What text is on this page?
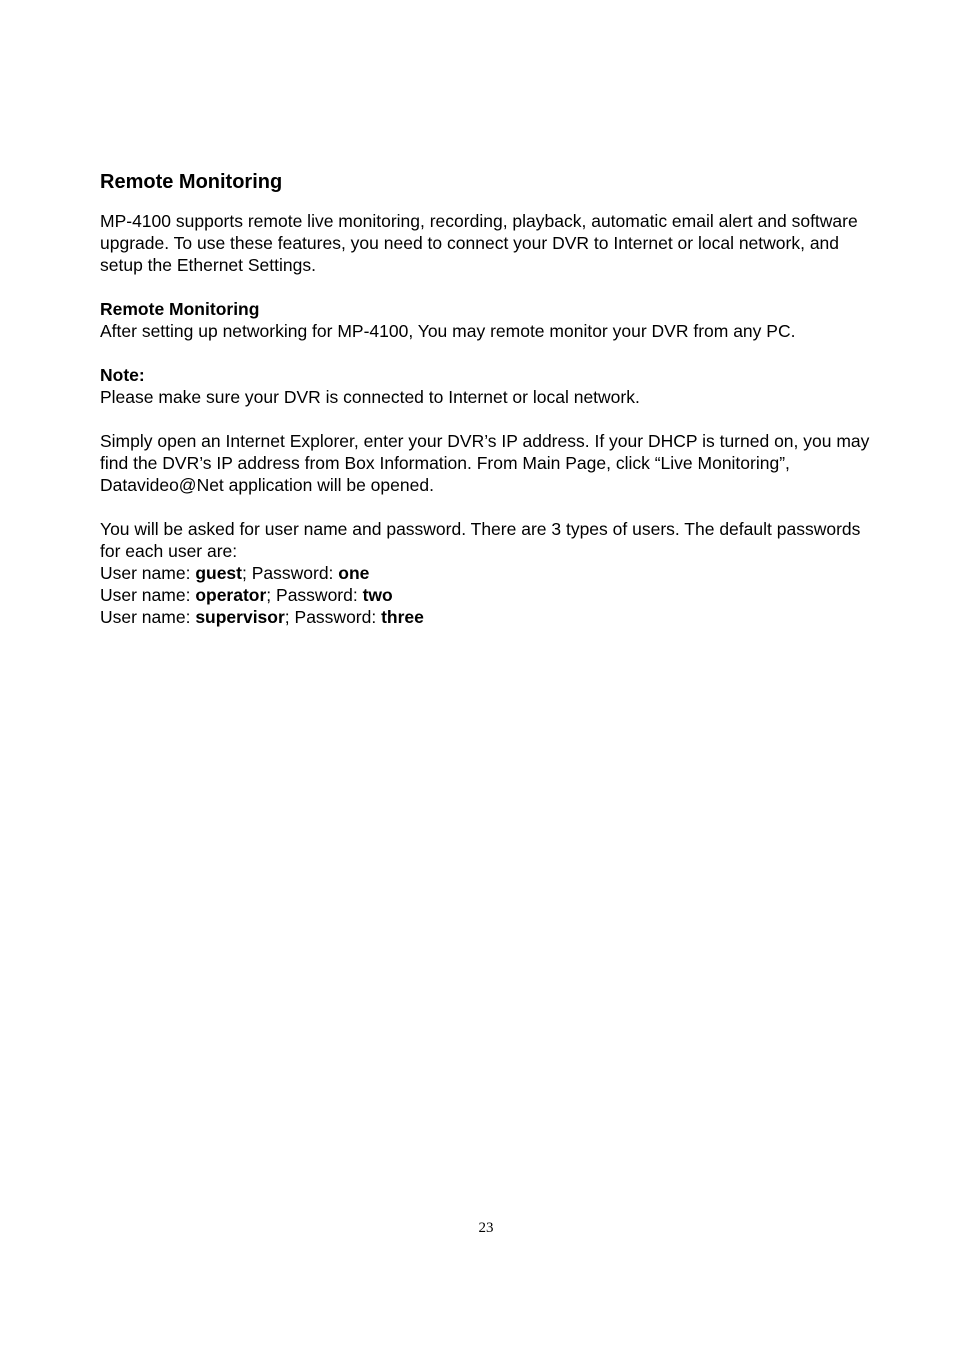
Remote Monitoring

MP-4100 supports remote live monitoring, recording, playback, automatic email alert and software upgrade. To use these features, you need to connect your DVR to Internet or local network, and setup the Ethernet Settings.

Remote Monitoring

After setting up networking for MP-4100, You may remote monitor your DVR from any PC.

Note:

Please make sure your DVR is connected to Internet or local network.

Simply open an Internet Explorer, enter your DVR’s IP address. If your DHCP is turned on, you may find the DVR’s IP address from Box Information. From Main Page, click “Live Monitoring”, Datavideo@Net application will be opened.

You will be asked for user name and password. There are 3 types of users. The default passwords for each user are:

User name: guest; Password: one

User name: operator; Password: two

User name: supervisor; Password: three

23
